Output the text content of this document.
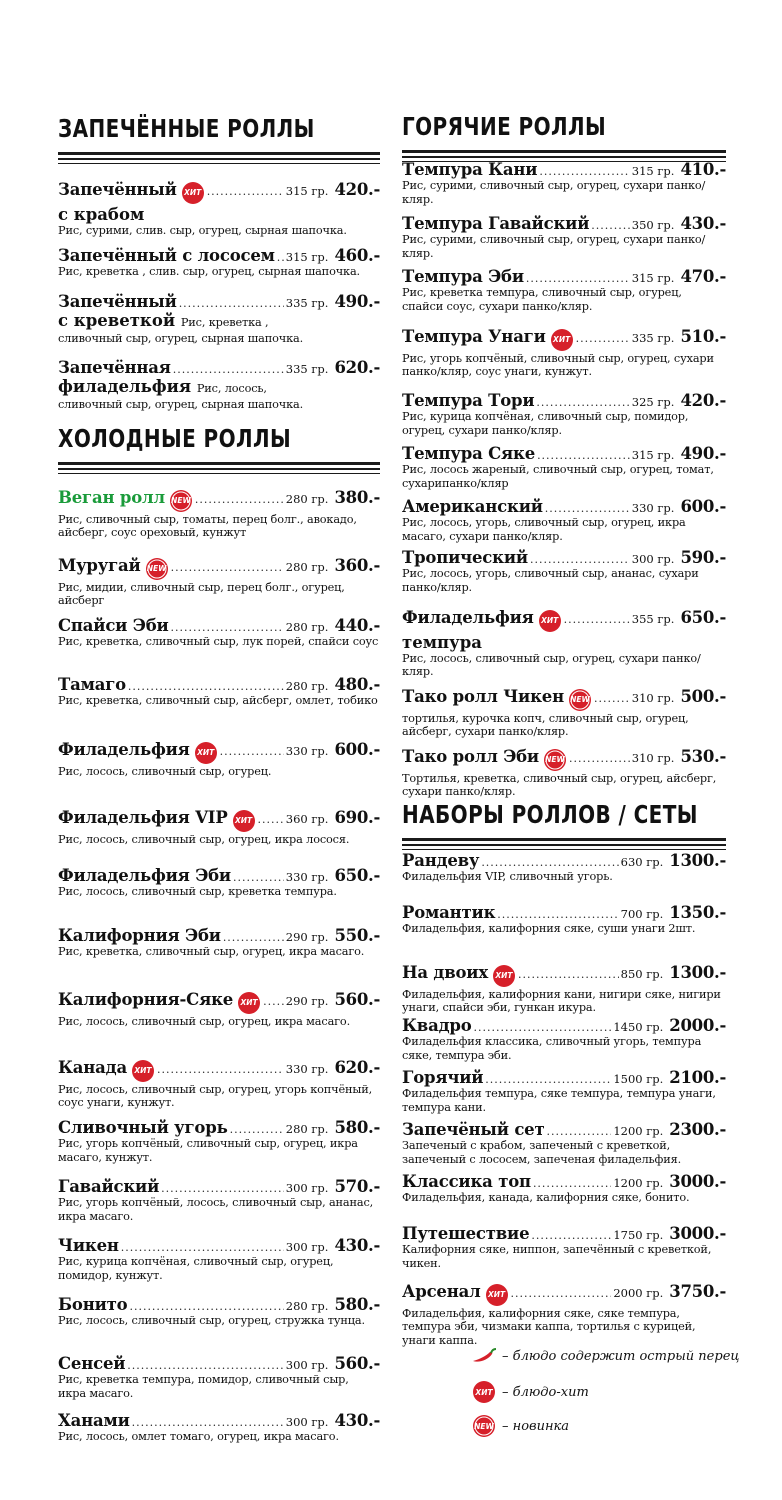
ЗАПЕЧЁННЫЕ РОЛЛЫ
ХОЛОДНЫЕ РОЛЛЫ
Запечённый ХИТ .....	315 гр. 420.-
с крабом
Рис, сурими, слив. сыр, огурец, сырная шапочка.
Запечённый с лососем ..... 315 гр. 460.-
Рис, креветка , слив. сыр, огурец, сырная шапочка.
Запечённый .....	335 гр. 490.-
с креветкой Рис, креветка ,
сливочный сыр, огурец, сырная шапочка.
Запечённая .....	335 гр. 620.-
филадельфия Рис, лосось,
сливочный сыр, огурец, сырная шапочка.
Веган ролл NEW .....	280 гр. 380.-
Рис, сливочный сыр, томаты, перец болг., авокадо, айсберг, соус ореховый, кунжут
Муругай NEW .....	280 гр. 360.-
Рис, мидии, сливочный сыр, перец болг., огурец, айсберг
Спайси Эби .....	280 гр. 440.-
Рис, креветка, сливочный сыр, лук порей, спайси соус
Тамаго .....	280 гр. 480.-
Рис, креветка, сливочный сыр, айсберг, омлет, тобико
Филадельфия ХИТ .....	330 гр. 600.-
Рис, лосось, сливочный сыр, огурец.
Филадельфия VIP ХИТ .....	360 гр. 690.-
Рис, лосось, сливочный сыр, огурец, икра лосося.
Филадельфия Эби .....	330 гр. 650.-
Рис, лосось, сливочный сыр, креветка темпура.
Калифорния Эби .....	290 гр. 550.-
Рис, креветка, сливочный сыр, огурец, икра масаго.
Калифорния-Сяке ХИТ ..... 290 гр. 560.-
Рис, лосось, сливочный сыр, огурец, икра масаго.
Канада ХИТ .....	330 гр. 620.-
Рис, лосось, сливочный сыр, огурец, угорь копчёный, соус унаги, кунжут.
Сливочный угорь .....	280 гр. 580.-
Рис, угорь копчёный, сливочный сыр, огурец, икра масаго, кунжут.
Гавайский .....	300 гр. 570.-
Рис, угорь копчёный, лосось, сливочный сыр, ананас, икра масаго.
Чикен .....	300 гр. 430.-
Рис, курица копчёная, сливочный сыр, огурец, помидор, кунжут.
Бонито .....	280 гр. 580.-
Рис, лосось, сливочный сыр, огурец, стружка тунца.
Сенсей .....	300 гр. 560.-
Рис, креветка темпура, помидор, сливочный сыр, икра масаго.
Ханами .....	300 гр. 430.-
Рис, лосось, омлет томаго, огурец, икра масаго.
ГОРЯЧИЕ РОЛЛЫ
НАБОРЫ РОЛЛОВ / СЕТЫ
– блюдо содержит острый перец
ХИТ – блюдо-хит
NEW – новинка
Темпура Кани .....	315 гр. 410.-
Рис, сурими, сливочный сыр, огурец, сухари панко/кляр.
Темпура Гавайский .....	350 гр. 430.-
Рис, сурими, сливочный сыр, огурец, сухари панко/кляр.
Темпура Эби .....	315 гр. 470.-
Рис, креветка темпура, сливочный сыр, огурец, спайси соус, сухари панко/кляр.
Темпура Унаги ХИТ .....	335 гр. 510.-
Рис, угорь копчёный, сливочный сыр, огурец, сухари панко/кляр, соус унаги, кунжут.
Темпура Тори .....	325 гр. 420.-
Рис, курица копчёная, сливочный сыр, помидор, огурец, сухари панко/кляр.
Темпура Сяке .....	315 гр. 490.-
Рис, лосось жареный, сливочный сыр, огурец, томат, сухарипанко/кляр
Американский .....	330 гр. 600.-
Рис, лосось, угорь, сливочный сыр, огурец, икра масаго, сухари панко/кляр.
Тропический .....	300 гр. 590.-
Рис, лосось, угорь, сливочный сыр, ананас, сухари панко/кляр.
Филадельфия ХИТ .....	355 гр. 650.-
темпура
Рис, лосось, сливочный сыр, огурец, сухари панко/кляр.
Тако ролл Чикен NEW .....	310 гр. 500.-
тортилья, курочка копч, сливочный сыр, огурец, айсберг, сухари панко/кляр.
Тако ролл Эби NEW .....	310 гр. 530.-
Тортилья, креветка, сливочный сыр, огурец, айсберг, сухари панко/кляр.
Рандеву .....	630 гр. 1300.-
Филадельфия VIP, сливочный угорь.
Романтик .....	700 гр. 1350.-
Филадельфия, калифорния сяке, суши унаги 2шт.
На двоих ХИТ .....	850 гр. 1300.-
Филадельфия, калифорния кани, нигири сяке, нигири унаги, спайси эби, гункан икура.
Квадро .....	1450 гр. 2000.-
Филадельфия классика, сливочный угорь, темпура сяке, темпура эби.
Горячий .....	1500 гр. 2100.-
Филадельфия темпура, сяке темпура, темпура унаги, темпура кани.
Запечёный сет .....	1200 гр. 2300.-
Запеченый с крабом, запеченый с креветкой, запеченый с лососем, запеченая филадельфия.
Классика топ .....	1200 гр. 3000.-
Филадельфия, канада, калифорния сяке, бонито.
Путешествие .....	1750 гр. 3000.-
Калифорния сяке, ниппон, запечённый с креветкой, чикен.
Арсенал ХИТ .....	2000 гр. 3750.-
Филадельфия, калифорния сяке, сяке темпура, темпура эби, чизмаки каппа, тортилья с курицей, унаги каппа.
